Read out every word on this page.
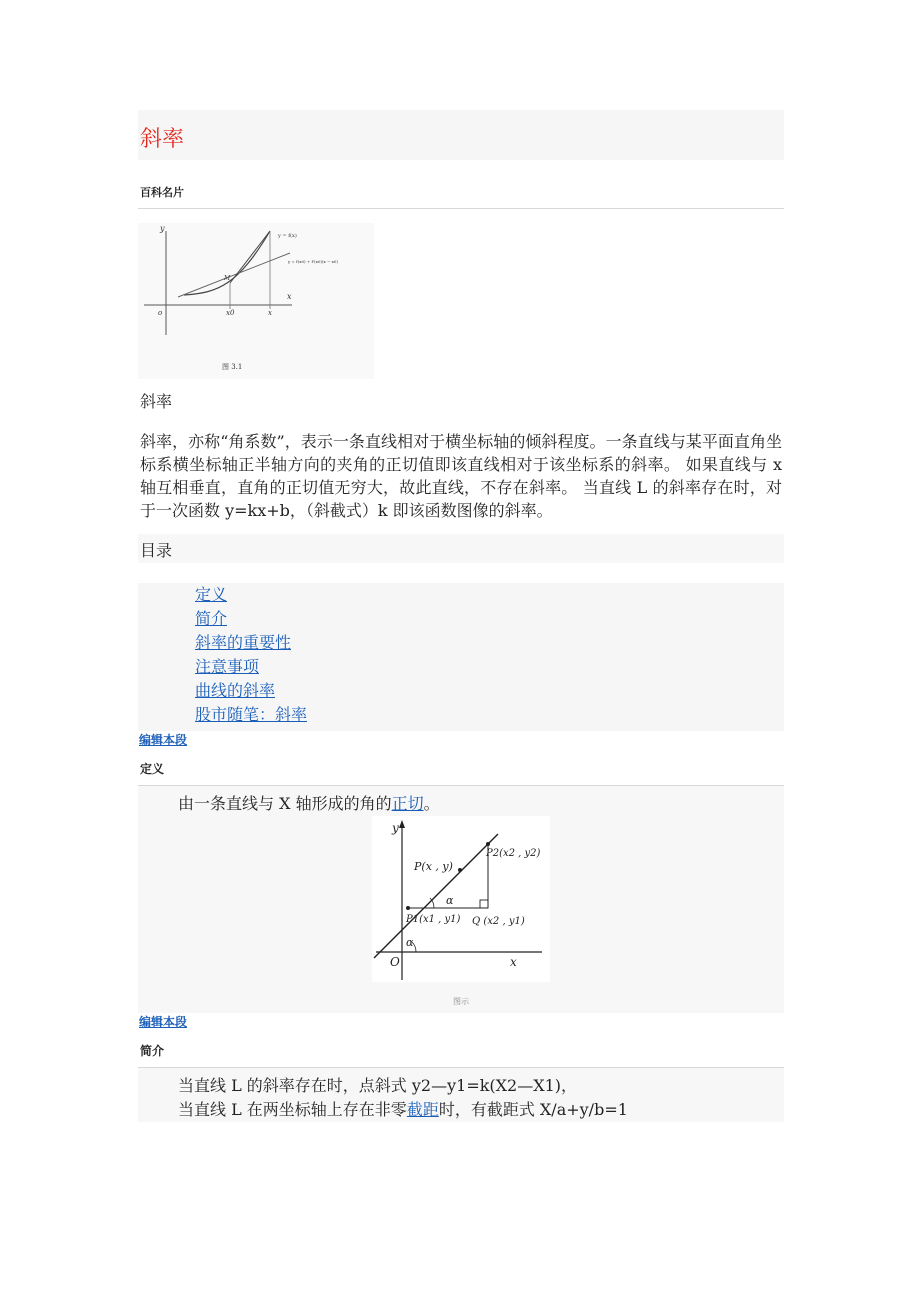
斜率
百科名片
y
x
o	x0	x
M
y = f(x)
y = f(x0) + f'(x0)(x − x0)
图 3.1
斜率
斜率，亦称“角系数”，表示一条直线相对于横坐标轴的倾斜程度。一条直线与某平面直角坐标系横坐标轴正半轴方向的夹角的正切值即该直线相对于该坐标系的斜率。 如果直线与 x 轴互相垂直，直角的正切值无穷大，故此直线，不存在斜率。 当直线 L 的斜率存在时，对于一次函数 y=kx+b，（斜截式）k 即该函数图像的斜率。
目录
定义
简介
斜率的重要性
注意事项
曲线的斜率
股市随笔：斜率
编辑本段
定义
由一条直线与 X 轴形成的角的正切。
y
x
O
α
α
P(x , y)
P1(x1 , y1)
P2(x2 , y2)
Q (x2 , y1)
图示
编辑本段
简介
当直线 L 的斜率存在时，点斜式 y2—y1=k(X2—X1)，
当直线 L 在两坐标轴上存在非零截距时，有截距式 X/a+y/b=1
